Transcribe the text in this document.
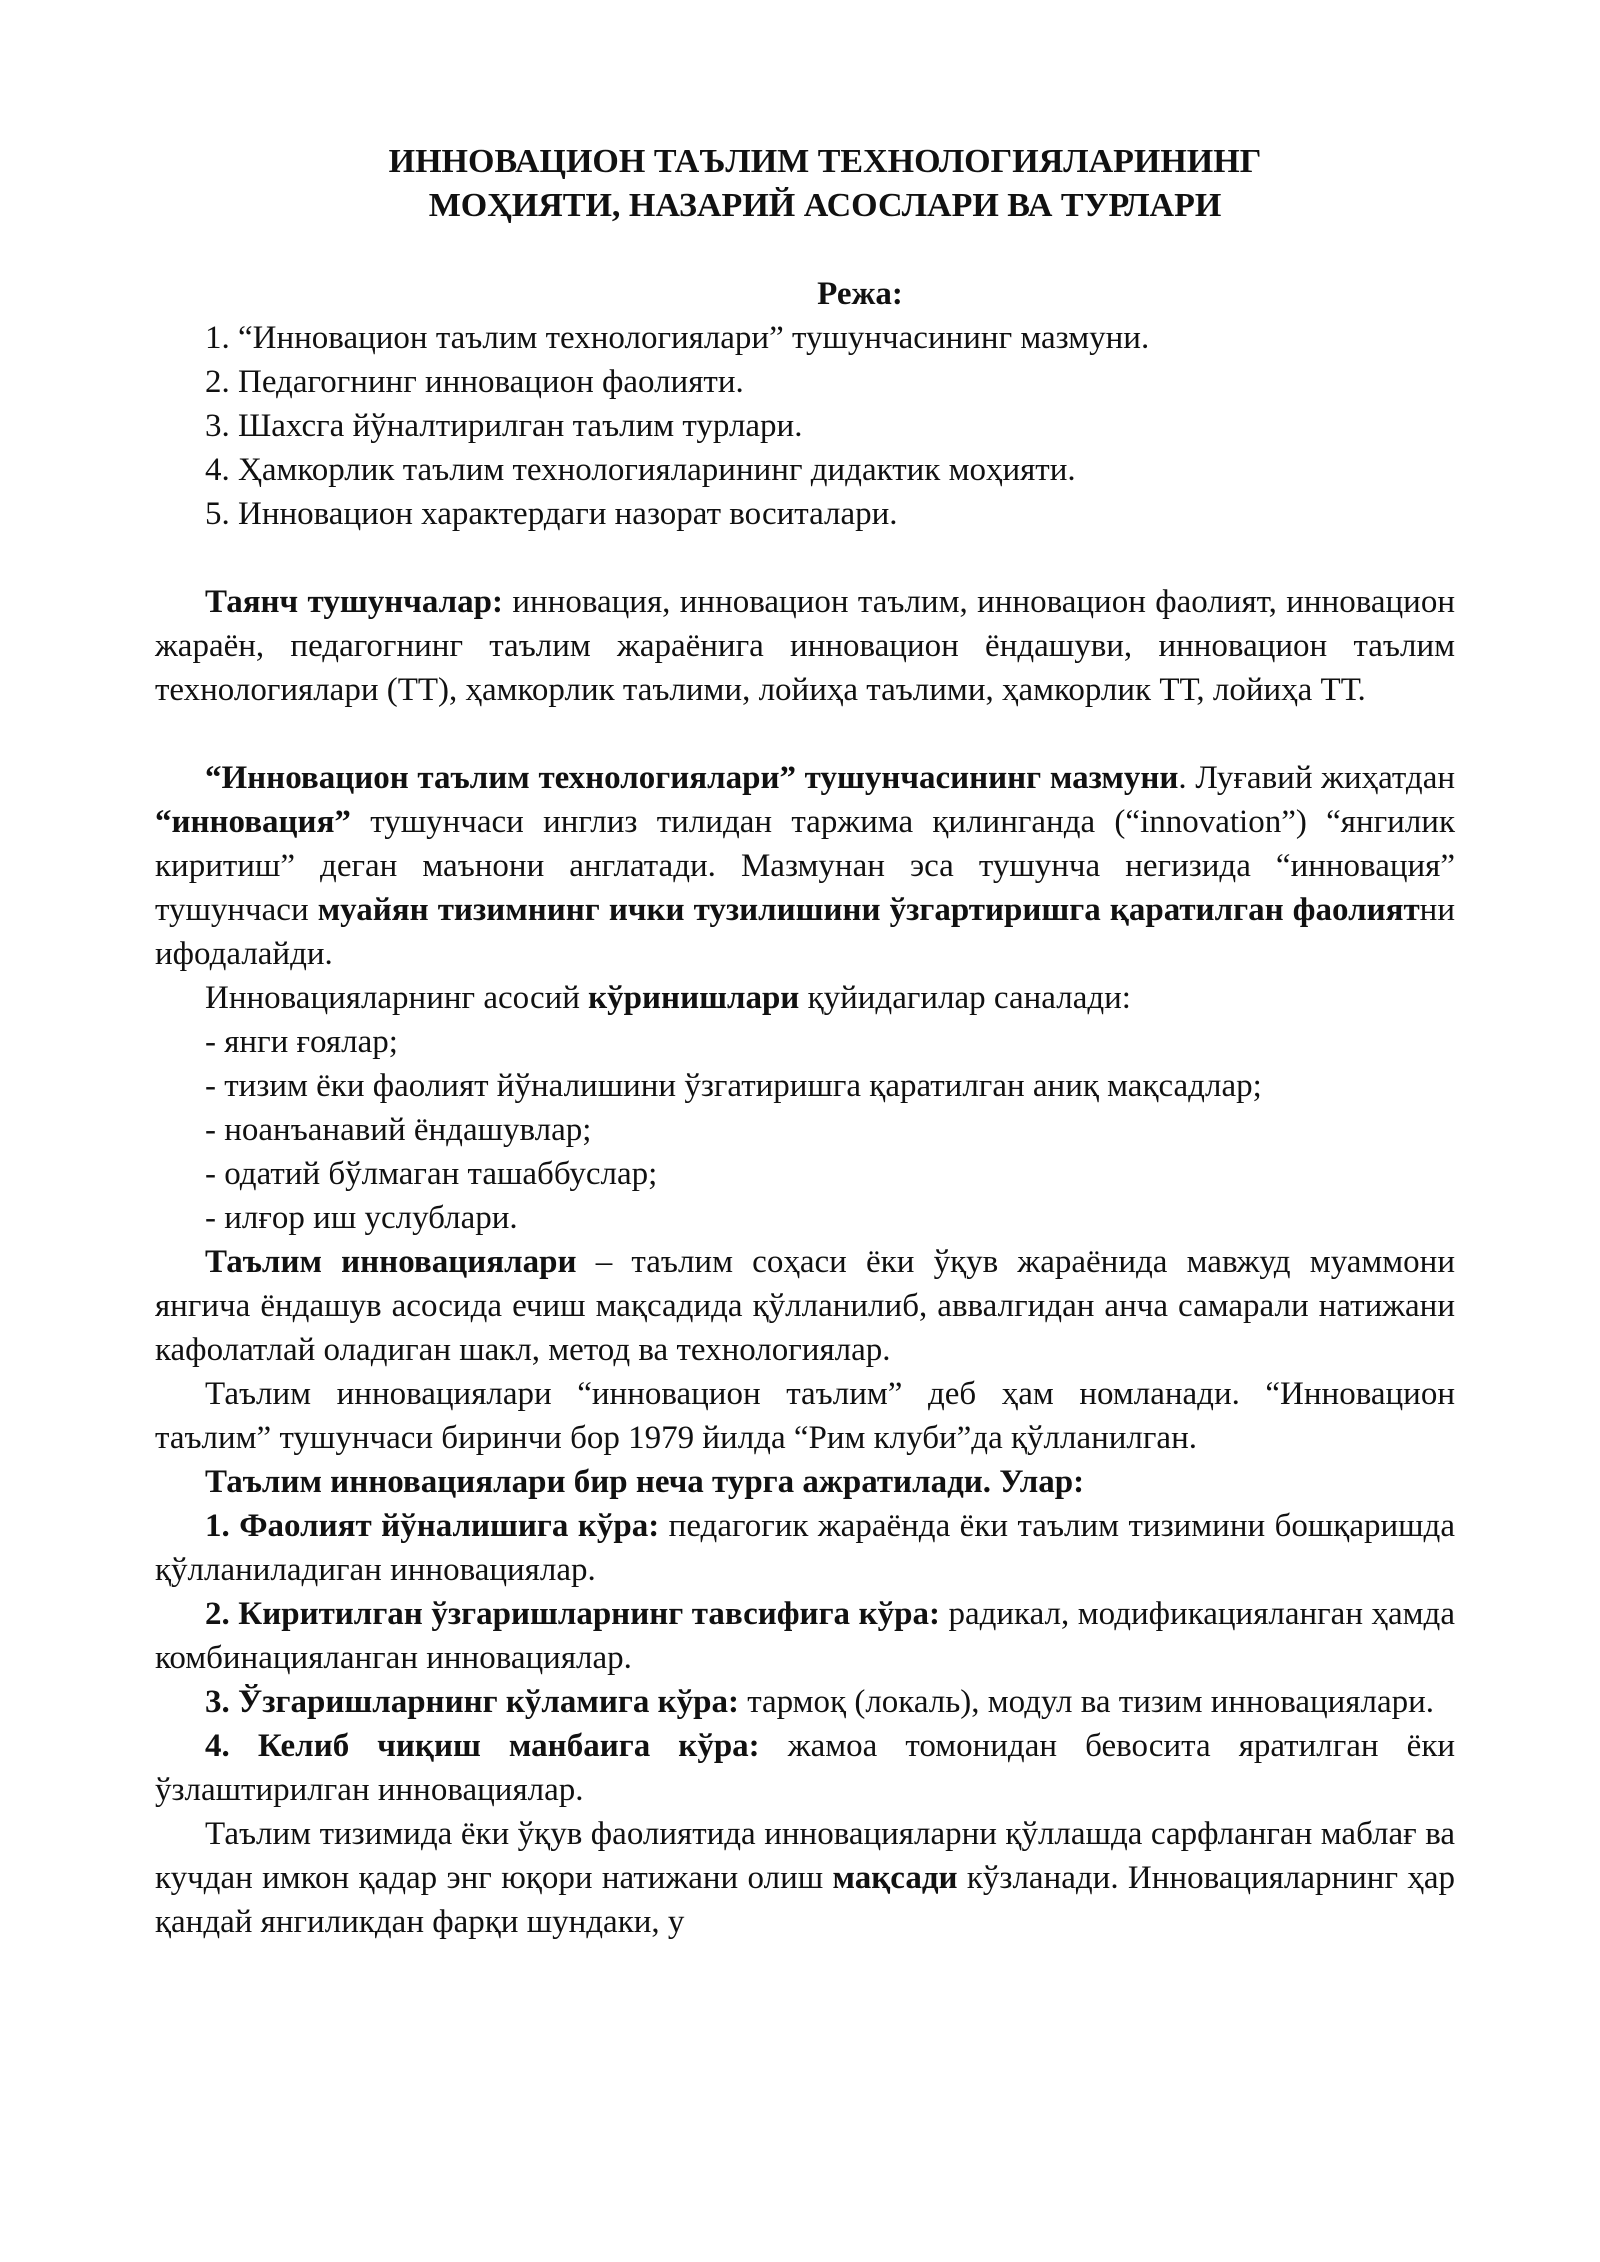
ИННОВАЦИОН ТАЪЛИМ ТЕХНОЛОГИЯЛАРИНИНГ
МОҲИЯТИ, НАЗАРИЙ АСОСЛАРИ ВА ТУРЛАРИ

Режа:

1. “Инновацион таълим технологиялари” тушунчасининг мазмуни.
2. Педагогнинг инновацион фаолияти.
3. Шахсга йўналтирилган таълим турлари.
4. Ҳамкорлик таълим технологияларининг дидактик моҳияти.
5. Инновацион характердаги назорат воситалари.

Таянч тушунчалар: инновация, инновацион таълим, инновацион фаолият, инновацион жараён, педагогнинг таълим жараёнига инновацион ёндашуви, инновацион таълим технологиялари (ТТ), ҳамкорлик таълими, лойиҳа таълими, ҳамкорлик ТТ, лойиҳа ТТ.

“Инновацион таълим технологиялари” тушунчасининг мазмуни. Луғавий жиҳатдан “инновация” тушунчаси инглиз тилидан таржима қилинганда (“innovation”) “янгилик киритиш” деган маънони англатади. Мазмунан эса тушунча негизида “инновация” тушунчаси муайян тизимнинг ички тузилишини ўзгартиришга қаратилган фаолиятни ифодалайди.

Инновацияларнинг асосий кўринишлари қуйидагилар саналади:

- янги ғоялар;

- тизим ёки фаолият йўналишини ўзгатиришга қаратилган аниқ мақсадлар;

- ноанъанавий ёндашувлар;

- одатий бўлмаган ташаббуслар;

- илғор иш услублари.

Таълим инновациялари – таълим соҳаси ёки ўқув жараёнида мавжуд муаммони янгича ёндашув асосида ечиш мақсадида қўлланилиб, аввалгидан анча самарали натижани кафолатлай оладиган шакл, метод ва технологиялар.

Таълим инновациялари “инновацион таълим” деб ҳам номланади. “Инновацион таълим” тушунчаси биринчи бор 1979 йилда “Рим клуби”да қўлланилган.

Таълим инновациялари бир неча турга ажратилади. Улар:

1. Фаолият йўналишига кўра: педагогик жараёнда ёки таълим тизимини бошқаришда қўлланиладиган инновациялар.

2. Киритилган ўзгаришларнинг тавсифига кўра: радикал, модификацияланган ҳамда комбинацияланган инновациялар.

3. Ўзгаришларнинг кўламига кўра: тармоқ (локаль), модул ва тизим инновациялари.

4. Келиб чиқиш манбаига кўра: жамоа томонидан бевосита яратилган ёки ўзлаштирилган инновациялар.

Таълим тизимида ёки ўқув фаолиятида инновацияларни қўллашда сарфланган маблағ ва кучдан имкон қадар энг юқори натижани олиш мақсади кўзланади. Инновацияларнинг ҳар қандай янгиликдан фарқи шундаки, у
